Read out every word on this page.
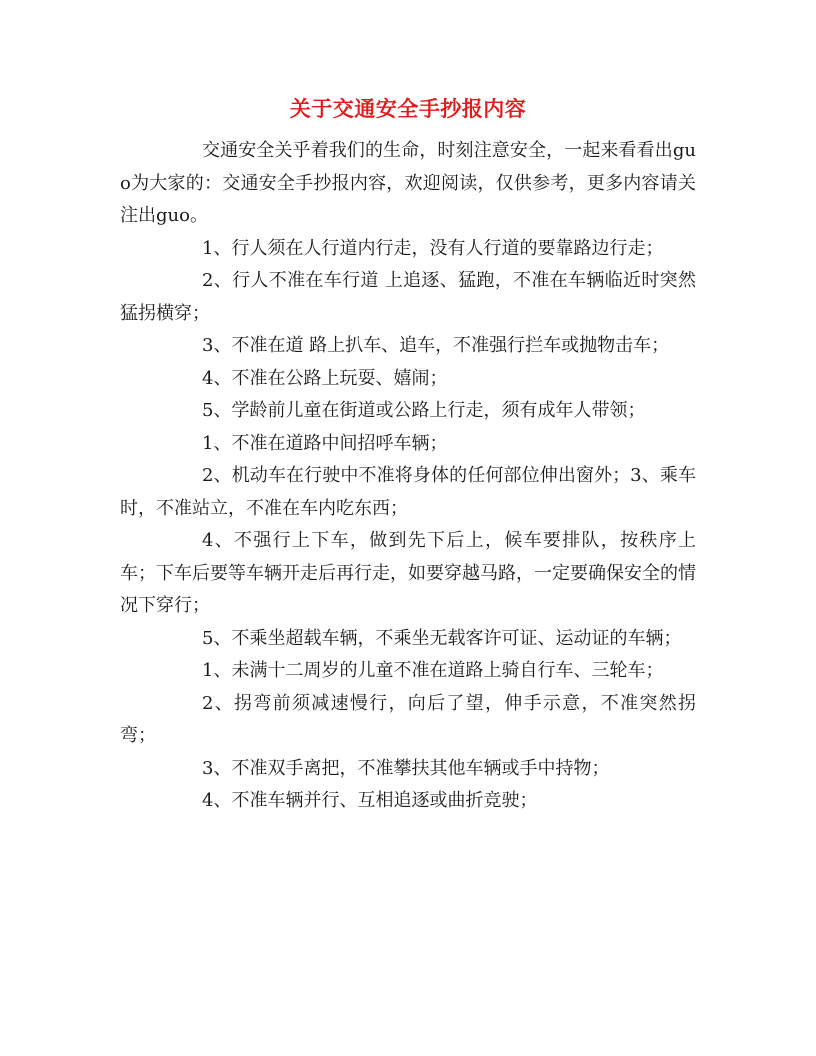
关于交通安全手抄报内容

交通安全关乎着我们的生命，时刻注意安全，一起来看看出guo为大家的：交通安全手抄报内容，欢迎阅读，仅供参考，更多内容请关注出guo。

1、行人须在人行道内行走，没有人行道的要靠路边行走；

2、行人不准在车行道 上追逐、猛跑，不准在车辆临近时突然猛拐横穿；

3、不准在道 路上扒车、追车，不准强行拦车或抛物击车；

4、不准在公路上玩耍、嬉闹；

5、学龄前儿童在街道或公路上行走，须有成年人带领；

1、不准在道路中间招呼车辆；

2、机动车在行驶中不准将身体的任何部位伸出窗外；3、乘车时，不准站立，不准在车内吃东西；

4、不强行上下车，做到先下后上，候车要排队，按秩序上车；下车后要等车辆开走后再行走，如要穿越马路，一定要确保安全的情况下穿行；

5、不乘坐超载车辆，不乘坐无载客许可证、运动证的车辆；

1、未满十二周岁的儿童不准在道路上骑自行车、三轮车；

2、拐弯前须减速慢行，向后了望，伸手示意，不准突然拐弯；

3、不准双手离把，不准攀扶其他车辆或手中持物；

4、不准车辆并行、互相追逐或曲折竞驶；
